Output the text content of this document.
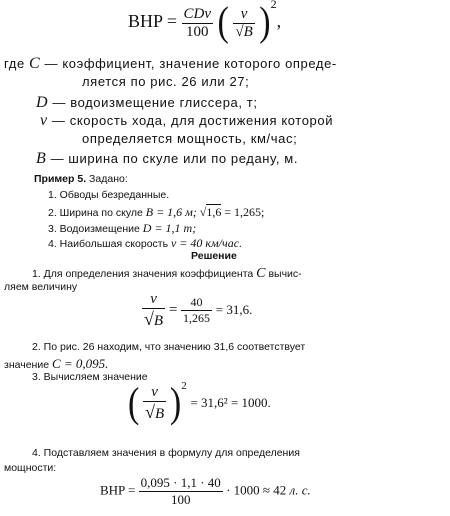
BHP = $\frac{\text{CDv}}{100}$ ( $\frac{v}{√B} )^2$,
где C — коэффициент, значение которого опреде-
ляется по рис. 26 или 27;
D — водоизмещение глиссера, т;
v — скорость хода, для достижения которой
определяется мощность, км/час;
B — ширина по скуле или по редану, м.
Пример 5. Задано:
1. Обводы безреданные.
2. Ширина по скуле B = 1,6 м; √1,6 = 1,265;
3. Водоизмещение D = 1,1 т;
4. Наибольшая скорость v = 40 км/час.
Решение
1. Для определения значения коэффициента C вычис-
ляем величину
$\frac{v}{√B} = \frac{40}{1,265} = 31,6$.
2. По рис. 26 находим, что значению 31,6 соответствует
значение C = 0,095.
3. Вычисляем значение
( $\frac{v}{√B} )^2 = 31,6^2 = 1000$.
4. Подставляем значения в формулу для определения
мощности:
BHP = $\frac{0,095 \cdot 1,1 \cdot 40}{100} \cdot 1000 \approx 42$ л. с.
